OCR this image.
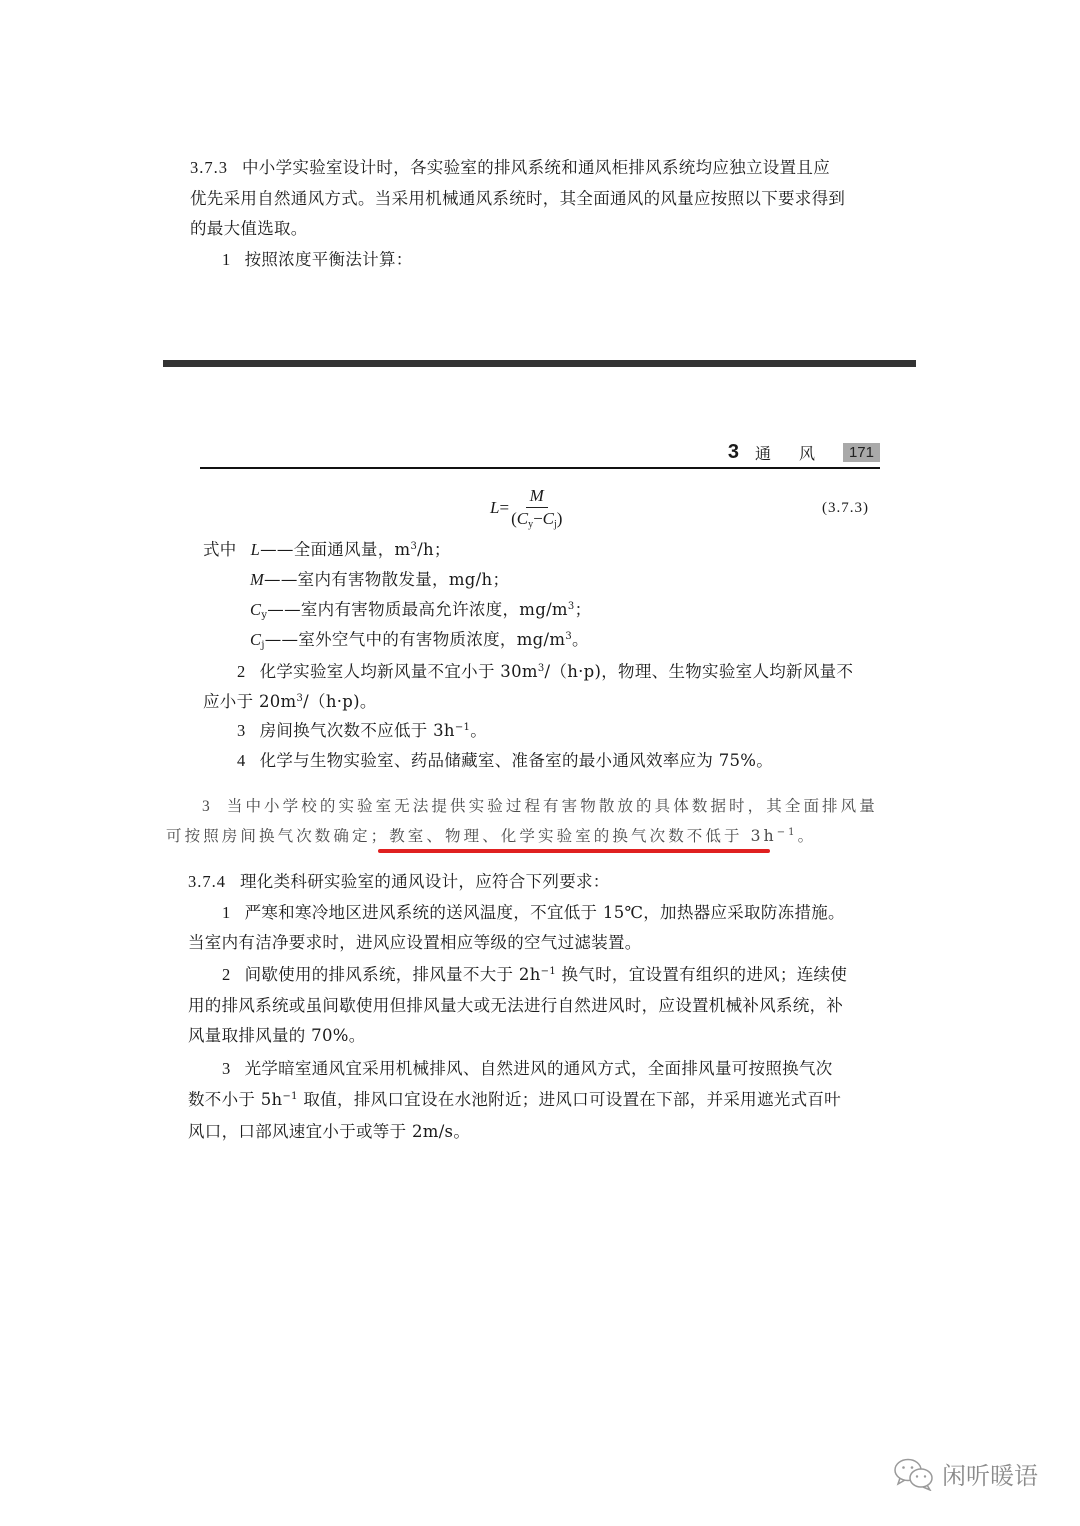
3.7.3 中小学实验室设计时，各实验室的排风系统和通风柜排风系统均应独立设置且应
优先采用自然通风方式。当采用机械通风系统时，其全面通风的风量应按照以下要求得到
的最大值选取。
1 按照浓度平衡法计算：
3 通风 171
$L = \frac{M}{(C_y-C_j)}$	(3.7.3)
式中 L——全面通风量，$m^3/h$；
M——室内有害物散发量，mg/h；
$C_y——$室内有害物质最高允许浓度，$mg/m^3$；
$C_j——$室外空气中的有害物质浓度，$mg/m^3$。
2 化学实验室人均新风量不宜小于 $30m^3/(h\cdot p)$，物理、生物实验室人均新风量不
应小于 $20m^3/(h\cdot p)$。
3 房间换气次数不应低于 $3h^{-1}$。
4 化学与生物实验室、药品储藏室、准备室的最小通风效率应为 75%。
3 当中小学校的实验室无法提供实验过程有害物散放的具体数据时，其全面排风量
可按照房间换气次数确定；教室、物理、化学实验室的换气次数不低于 $3h^{-1}$。
3.7.4 理化类科研实验室的通风设计，应符合下列要求：
1 严寒和寒冷地区进风系统的送风温度，不宜低于 15℃，加热器应采取防冻措施。
当室内有洁净要求时，进风应设置相应等级的空气过滤装置。
2 间歇使用的排风系统，排风量不大于 $2h^{-1}$ 换气时，宜设置有组织的进风；连续使
用的排风系统或虽间歇使用但排风量大或无法进行自然进风时，应设置机械补风系统，补
风量取排风量的 70%。
3 光学暗室通风宜采用机械排风、自然进风的通风方式，全面排风量可按照换气次
数不小于 $5h^{-1}$ 取值，排风口宜设在水池附近；进风口可设置在下部，并采用遮光式百叶
风口，口部风速宜小于或等于 2m/s。
闲听暖语
